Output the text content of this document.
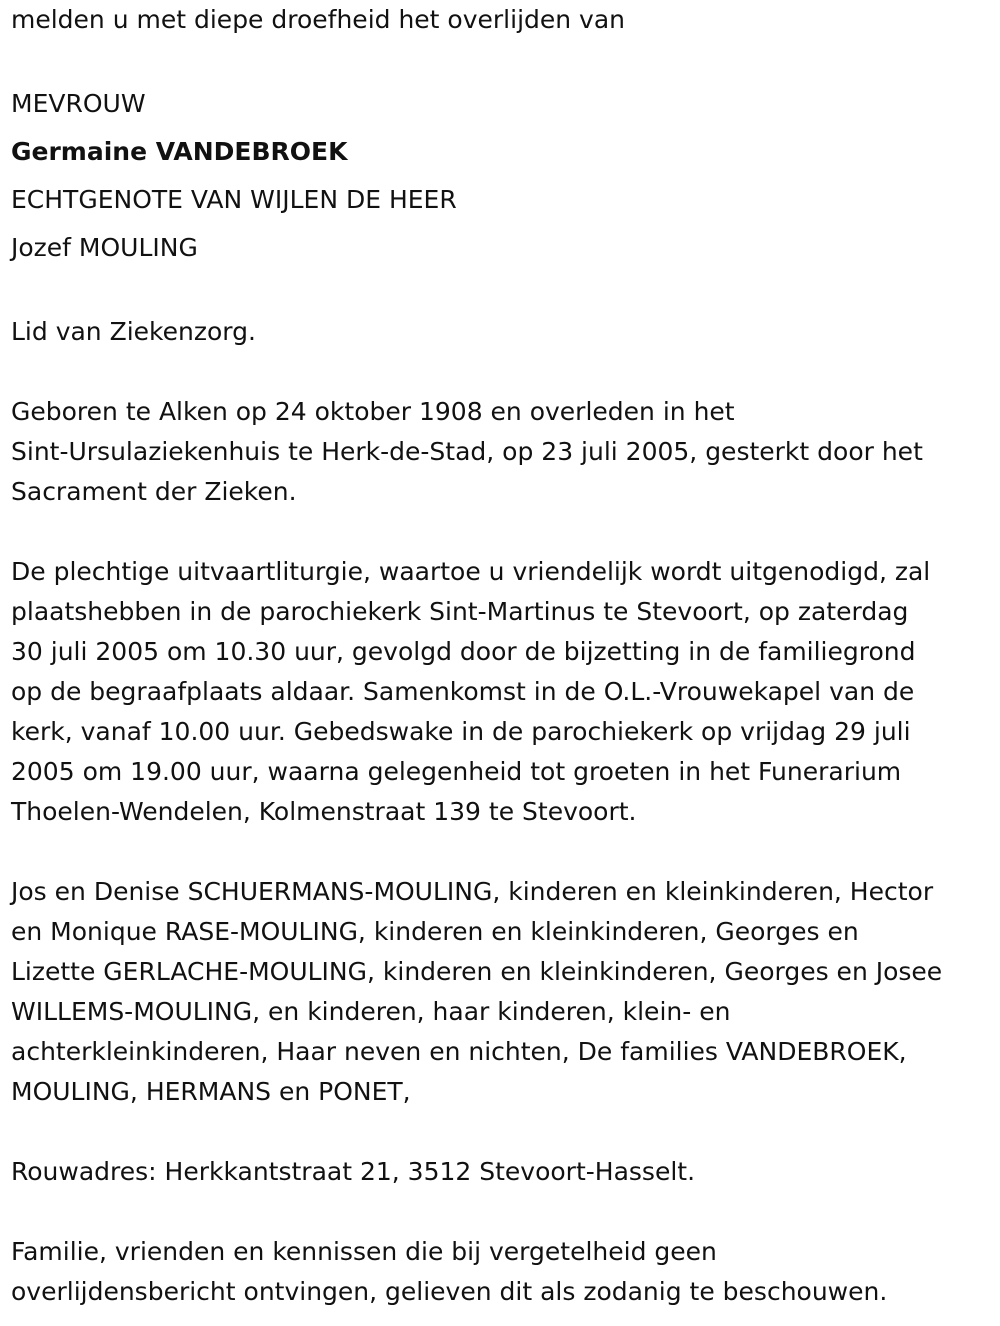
melden u met diepe droefheid het overlijden van

MEVROUW

Germaine VANDEBROEK

ECHTGENOTE VAN WIJLEN DE HEER

Jozef MOULING

Lid van Ziekenzorg.

Geboren te Alken op 24 oktober 1908 en overleden in het
Sint-Ursulaziekenhuis te Herk-de-Stad, op 23 juli 2005, gesterkt door het
Sacrament der Zieken.
De plechtige uitvaartliturgie, waartoe u vriendelijk wordt uitgenodigd, zal
plaatshebben in de parochiekerk Sint-Martinus te Stevoort, op zaterdag
30 juli 2005 om 10.30 uur, gevolgd door de bijzetting in de familiegrond
op de begraafplaats aldaar. Samenkomst in de O.L.-Vrouwekapel van de
kerk, vanaf 10.00 uur. Gebedswake in de parochiekerk op vrijdag 29 juli
2005 om 19.00 uur, waarna gelegenheid tot groeten in het Funerarium
Thoelen-Wendelen, Kolmenstraat 139 te Stevoort.
Jos en Denise SCHUERMANS-MOULING, kinderen en kleinkinderen, Hector
en Monique RASE-MOULING, kinderen en kleinkinderen, Georges en
Lizette GERLACHE-MOULING, kinderen en kleinkinderen, Georges en Josee
WILLEMS-MOULING, en kinderen, haar kinderen, klein- en
achterkleinkinderen, Haar neven en nichten, De families VANDEBROEK,
MOULING, HERMANS en PONET,

Rouwadres: Herkkantstraat 21, 3512 Stevoort-Hasselt.

Familie, vrienden en kennissen die bij vergetelheid geen
overlijdensbericht ontvingen, gelieven dit als zodanig te beschouwen.
